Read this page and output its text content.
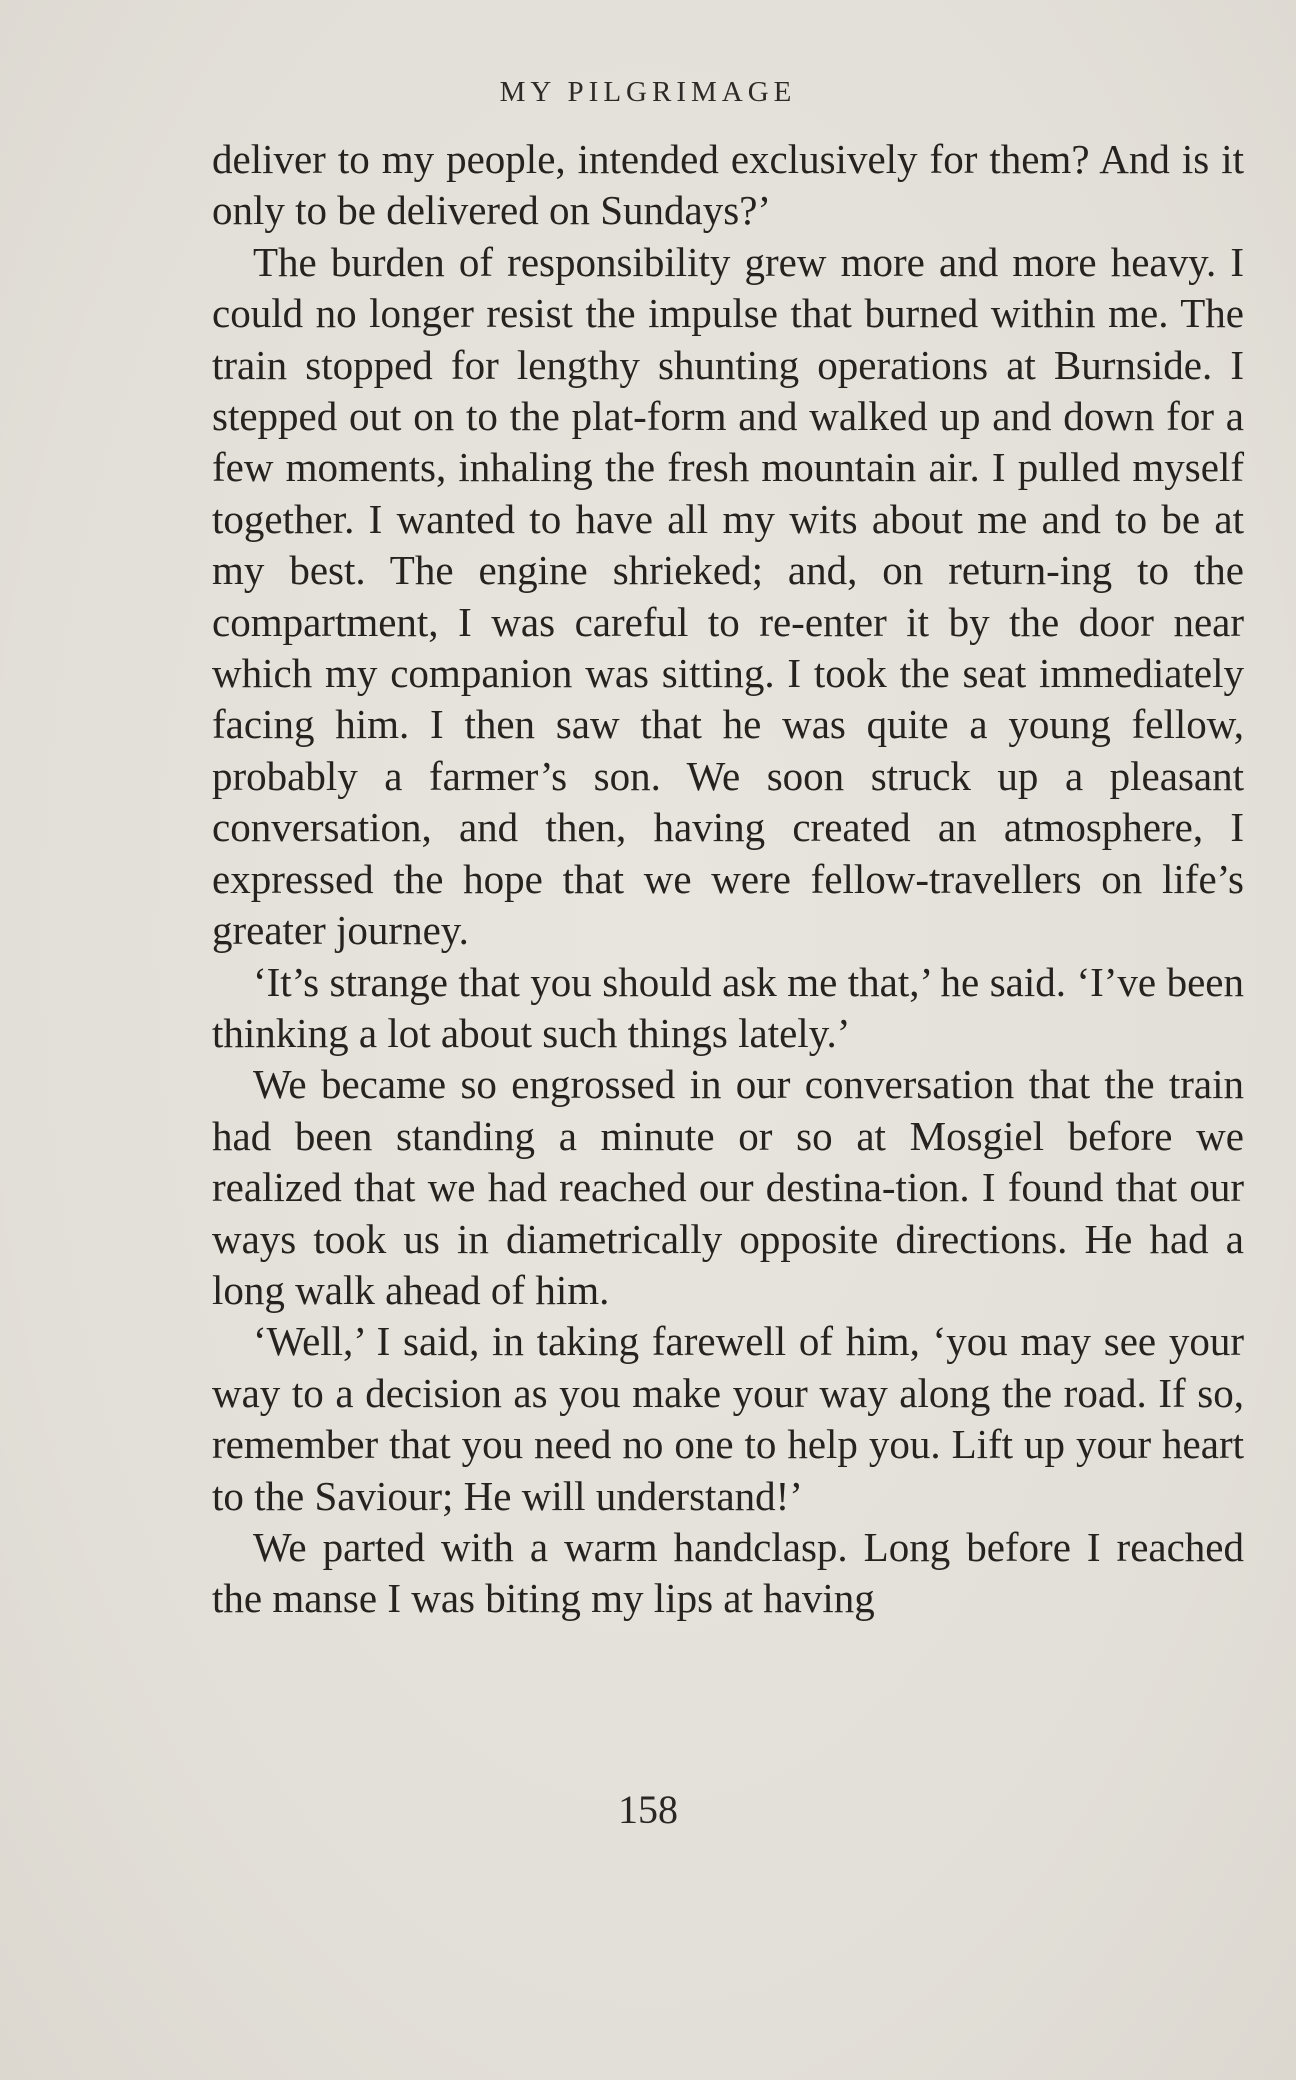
MY PILGRIMAGE

deliver to my people, intended exclusively for them? And is it only to be delivered on Sundays?’

The burden of responsibility grew more and more heavy. I could no longer resist the impulse that burned within me. The train stopped for lengthy shunting operations at Burnside. I stepped out on to the plat-form and walked up and down for a few moments, inhaling the fresh mountain air. I pulled myself together. I wanted to have all my wits about me and to be at my best. The engine shrieked; and, on return-ing to the compartment, I was careful to re-enter it by the door near which my companion was sitting. I took the seat immediately facing him. I then saw that he was quite a young fellow, probably a farmer’s son. We soon struck up a pleasant conversation, and then, having created an atmosphere, I expressed the hope that we were fellow-travellers on life’s greater journey.

‘It’s strange that you should ask me that,’ he said. ‘I’ve been thinking a lot about such things lately.’

We became so engrossed in our conversation that the train had been standing a minute or so at Mosgiel before we realized that we had reached our destina-tion. I found that our ways took us in diametrically opposite directions. He had a long walk ahead of him.

‘Well,’ I said, in taking farewell of him, ‘you may see your way to a decision as you make your way along the road. If so, remember that you need no one to help you. Lift up your heart to the Saviour; He will understand!’

We parted with a warm handclasp. Long before I reached the manse I was biting my lips at having

158
